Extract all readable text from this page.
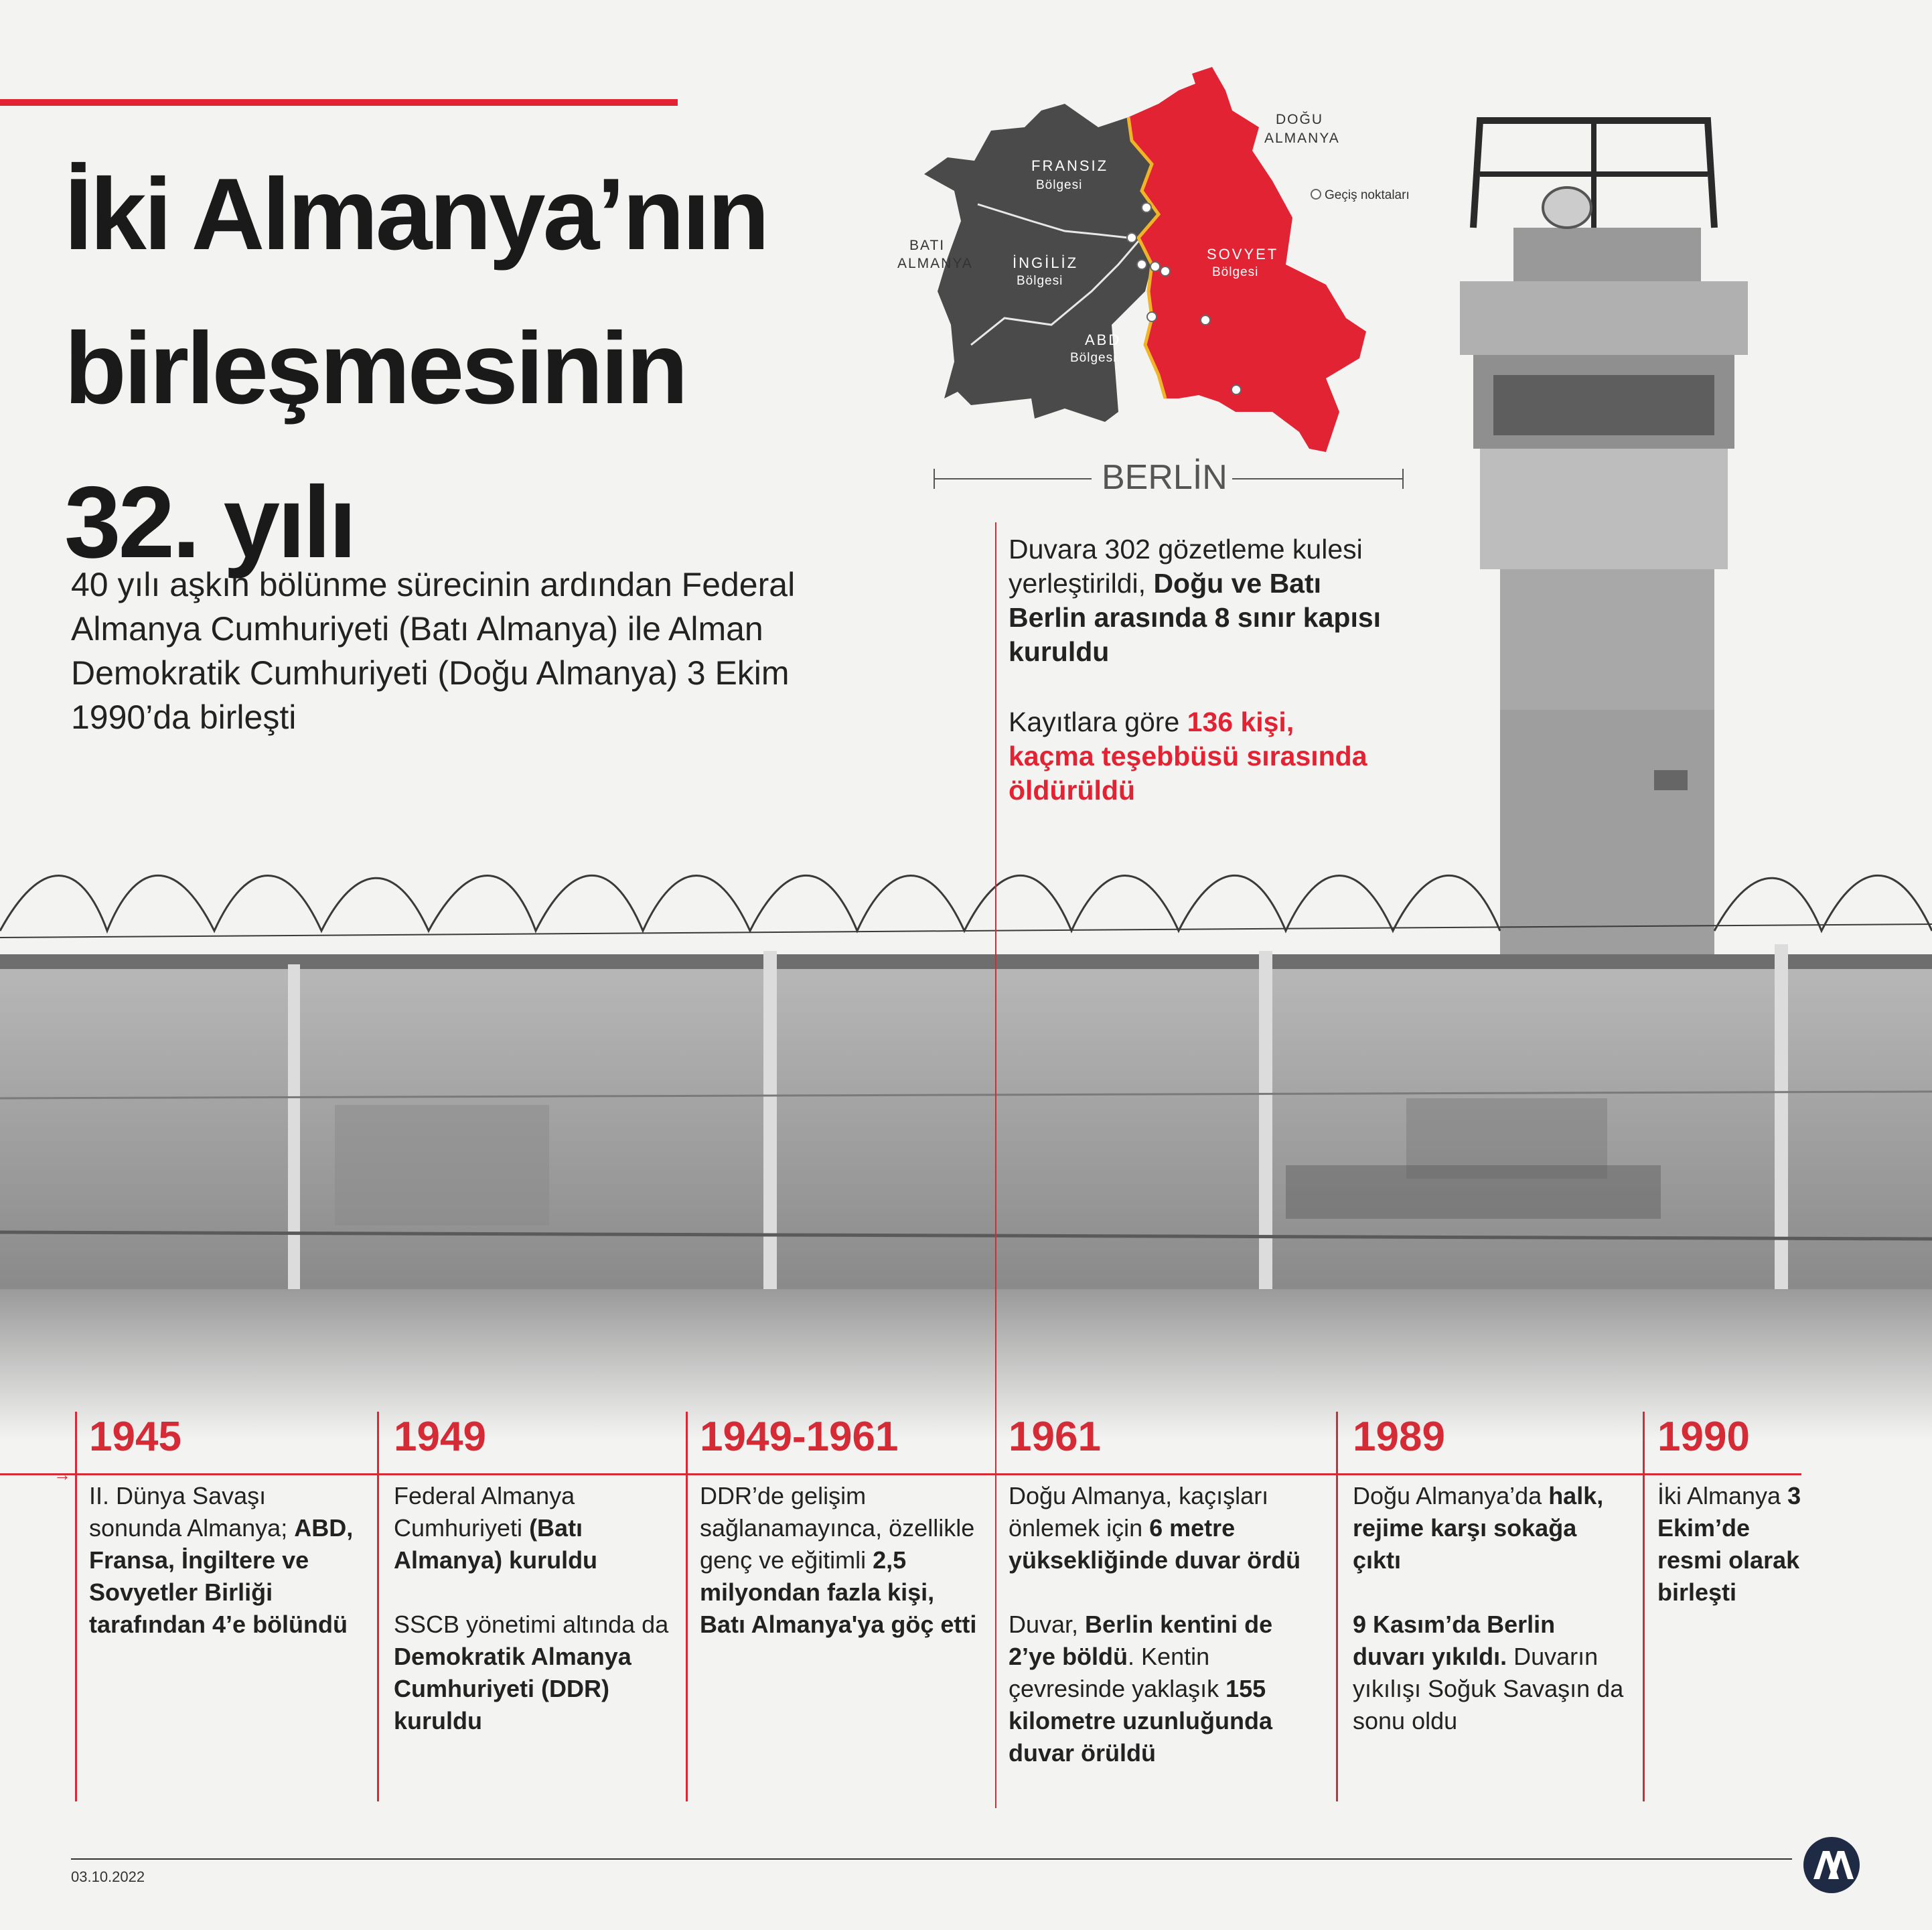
İki Almanya’nın
birleşmesinin
32. yılı
40 yılı aşkın bölünme sürecinin ardından Federal Almanya Cumhuriyeti (Batı Almanya) ile Alman Demokratik Cumhuriyeti (Doğu Almanya) 3 Ekim 1990’da birleşti
FRANSIZ
Bölgesi
İNGİLİZ
Bölgesi
ABD
Bölgesi
SOVYET
Bölgesi
DOĞU
ALMANYA
BATI
ALMANYA
Geçiş noktaları
BERLİN
Duvara 302 gözetleme kulesi yerleştirildi, Doğu ve Batı Berlin arasında 8 sınır kapısı kuruldu
Kayıtlara göre 136 kişi, kaçma teşebbüsü sırasında öldürüldü
→
1945

II. Dünya Savaşı sonunda Almanya; ABD, Fransa, İngiltere ve Sovyetler Birliği tarafından 4’e bölündü

1949

Federal Almanya Cumhuriyeti (Batı Almanya) kuruldu

SSCB yönetimi altında da Demokratik Almanya Cumhuriyeti (DDR) kuruldu

1949-1961

DDR’de gelişim sağlanamayınca, özellikle genç ve eğitimli 2,5 milyondan fazla kişi, Batı Almanya'ya göç etti

1961

Doğu Almanya, kaçışları önlemek için 6 metre yüksekliğinde duvar ördü

Duvar, Berlin kentini de 2’ye böldü. Kentin çevresinde yaklaşık 155 kilometre uzunluğunda duvar örüldü

1989

Doğu Almanya’da halk, rejime karşı sokağa çıktı

9 Kasım’da Berlin duvarı yıkıldı. Duvarın yıkılışı Soğuk Savaşın da sonu oldu

1990

İki Almanya 3 Ekim’de resmi olarak birleşti

03.10.2022
